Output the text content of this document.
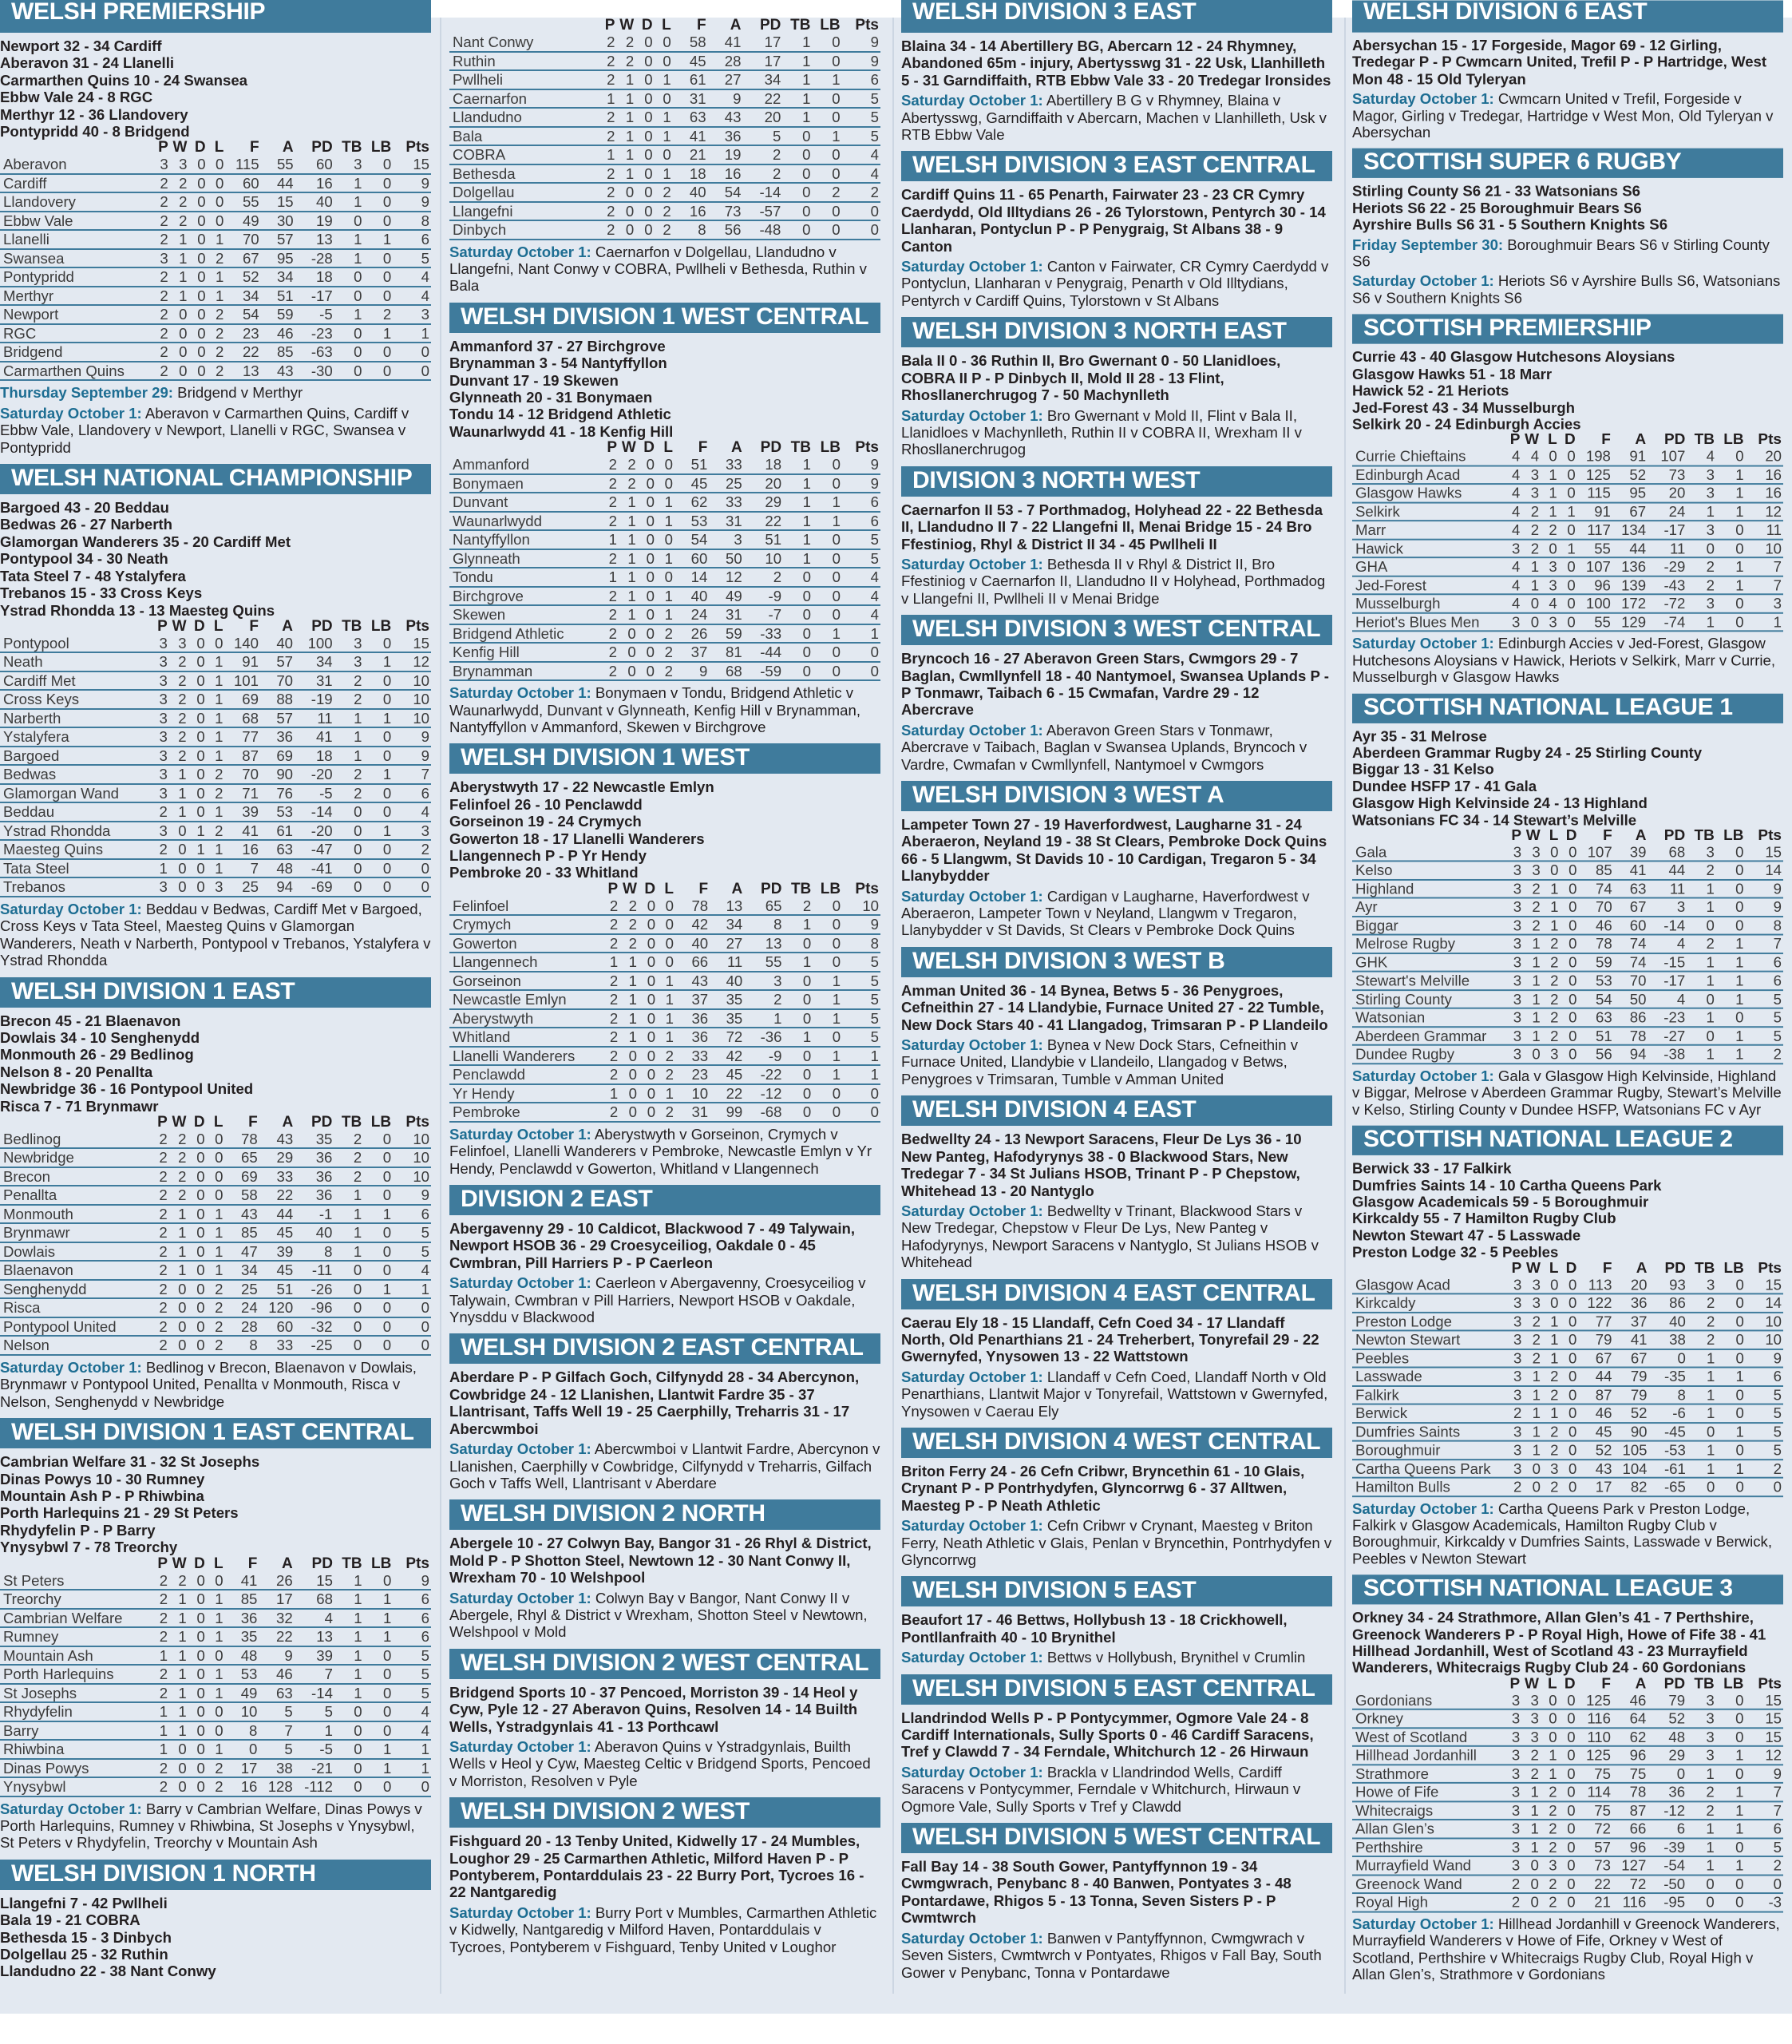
WELSH PREMIERSHIP
Newport 32 - 34 Cardiff
Aberavon 31 - 24 Llanelli
Carmarthen Quins 10 - 24 Swansea
Ebbw Vale 24 - 8 RGC
Merthyr 12 - 36 Llandovery
Pontypridd 40 - 8 Bridgend
	P	W	D	L	F	A	PD	TB	LB	Pts
Aberavon	3	3	0	0	115	55	60	3	0	15
Cardiff	2	2	0	0	60	44	16	1	0	9
Llandovery	2	2	0	0	55	15	40	1	0	9
Ebbw Vale	2	2	0	0	49	30	19	0	0	8
Llanelli	2	1	0	1	70	57	13	1	1	6
Swansea	3	1	0	2	67	95	-28	1	0	5
Pontypridd	2	1	0	1	52	34	18	0	0	4
Merthyr	2	1	0	1	34	51	-17	0	0	4
Newport	2	0	0	2	54	59	-5	1	2	3
RGC	2	0	0	2	23	46	-23	0	1	1
Bridgend	2	0	0	2	22	85	-63	0	0	0
Carmarthen Quins	2	0	0	2	13	43	-30	0	0	0
Thursday September 29: Bridgend v Merthyr
Saturday October 1: Aberavon v Carmarthen Quins, Cardiff v Ebbw Vale, Llandovery v Newport, Llanelli v RGC, Swansea v Pontypridd
WELSH NATIONAL CHAMPIONSHIP
Bargoed 43 - 20 Beddau
Bedwas 26 - 27 Narberth
Glamorgan Wanderers 35 - 20 Cardiff Met
Pontypool 34 - 30 Neath
Tata Steel 7 - 48 Ystalyfera
Trebanos 15 - 33 Cross Keys
Ystrad Rhondda 13 - 13 Maesteg Quins
	P	W	D	L	F	A	PD	TB	LB	Pts
Pontypool	3	3	0	0	140	40	100	3	0	15
Neath	3	2	0	1	91	57	34	3	1	12
Cardiff Met	3	2	0	1	101	70	31	2	0	10
Cross Keys	3	2	0	1	69	88	-19	2	0	10
Narberth	3	2	0	1	68	57	11	1	1	10
Ystalyfera	3	2	0	1	77	36	41	1	0	9
Bargoed	3	2	0	1	87	69	18	1	0	9
Bedwas	3	1	0	2	70	90	-20	2	1	7
Glamorgan Wand	3	1	0	2	71	76	-5	2	0	6
Beddau	2	1	0	1	39	53	-14	0	0	4
Ystrad Rhondda	3	0	1	2	41	61	-20	0	1	3
Maesteg Quins	2	0	1	1	16	63	-47	0	0	2
Tata Steel	1	0	0	1	7	48	-41	0	0	0
Trebanos	3	0	0	3	25	94	-69	0	0	0
Saturday October 1: Beddau v Bedwas, Cardiff Met v Bargoed, Cross Keys v Tata Steel, Maesteg Quins v Glamorgan Wanderers, Neath v Narberth, Pontypool v Trebanos, Ystalyfera v Ystrad Rhondda
WELSH DIVISION 1 EAST
Brecon 45 - 21 Blaenavon
Dowlais 34 - 10 Senghenydd
Monmouth 26 - 29 Bedlinog
Nelson 8 - 20 Penallta
Newbridge 36 - 16 Pontypool United
Risca 7 - 71 Brynmawr
	P	W	D	L	F	A	PD	TB	LB	Pts
Bedlinog	2	2	0	0	78	43	35	2	0	10
Newbridge	2	2	0	0	65	29	36	2	0	10
Brecon	2	2	0	0	69	33	36	2	0	10
Penallta	2	2	0	0	58	22	36	1	0	9
Monmouth	2	1	0	1	43	44	-1	1	1	6
Brynmawr	2	1	0	1	85	45	40	1	0	5
Dowlais	2	1	0	1	47	39	8	1	0	5
Blaenavon	2	1	0	1	34	45	-11	0	0	4
Senghenydd	2	0	0	2	25	51	-26	0	1	1
Risca	2	0	0	2	24	120	-96	0	0	0
Pontypool United	2	0	0	2	28	60	-32	0	0	0
Nelson	2	0	0	2	8	33	-25	0	0	0
Saturday October 1: Bedlinog v Brecon, Blaenavon v Dowlais, Brynmawr v Pontypool United, Penallta v Monmouth, Risca v Nelson, Senghenydd v Newbridge
WELSH DIVISION 1 EAST CENTRAL
Cambrian Welfare 31 - 32 St Josephs
Dinas Powys 10 - 30 Rumney
Mountain Ash P - P Rhiwbina
Porth Harlequins 21 - 29 St Peters
Rhydyfelin P - P Barry
Ynysybwl 7 - 78 Treorchy
	P	W	D	L	F	A	PD	TB	LB	Pts
St Peters	2	2	0	0	41	26	15	1	0	9
Treorchy	2	1	0	1	85	17	68	1	1	6
Cambrian Welfare	2	1	0	1	36	32	4	1	1	6
Rumney	2	1	0	1	35	22	13	1	1	6
Mountain Ash	1	1	0	0	48	9	39	1	0	5
Porth Harlequins	2	1	0	1	53	46	7	1	0	5
St Josephs	2	1	0	1	49	63	-14	1	0	5
Rhydyfelin	1	1	0	0	10	5	5	0	0	4
Barry	1	1	0	0	8	7	1	0	0	4
Rhiwbina	1	0	0	1	0	5	-5	0	1	1
Dinas Powys	2	0	0	2	17	38	-21	0	1	1
Ynysybwl	2	0	0	2	16	128	-112	0	0	0
Saturday October 1: Barry v Cambrian Welfare, Dinas Powys v Porth Harlequins, Rumney v Rhiwbina, St Josephs v Ynysybwl, St Peters v Rhydyfelin, Treorchy v Mountain Ash
WELSH DIVISION 1 NORTH
Llangefni 7 - 42 Pwllheli
Bala 19 - 21 COBRA
Bethesda 15 - 3 Dinbych
Dolgellau 25 - 32 Ruthin
Llandudno 22 - 38 Nant Conwy
	P	W	D	L	F	A	PD	TB	LB	Pts
Nant Conwy	2	2	0	0	58	41	17	1	0	9
Ruthin	2	2	0	0	45	28	17	1	0	9
Pwllheli	2	1	0	1	61	27	34	1	1	6
Caernarfon	1	1	0	0	31	9	22	1	0	5
Llandudno	2	1	0	1	63	43	20	1	0	5
Bala	2	1	0	1	41	36	5	0	1	5
COBRA	1	1	0	0	21	19	2	0	0	4
Bethesda	2	1	0	1	18	16	2	0	0	4
Dolgellau	2	0	0	2	40	54	-14	0	2	2
Llangefni	2	0	0	2	16	73	-57	0	0	0
Dinbych	2	0	0	2	8	56	-48	0	0	0
Saturday October 1: Caernarfon v Dolgellau, Llandudno v Llangefni, Nant Conwy v COBRA, Pwllheli v Bethesda, Ruthin v Bala
WELSH DIVISION 1 WEST CENTRAL
Ammanford 37 - 27 Birchgrove
Brynamman 3 - 54 Nantyffyllon
Dunvant 17 - 19 Skewen
Glynneath 20 - 31 Bonymaen
Tondu 14 - 12 Bridgend Athletic
Waunarlwydd 41 - 18 Kenfig Hill
	P	W	D	L	F	A	PD	TB	LB	Pts
Ammanford	2	2	0	0	51	33	18	1	0	9
Bonymaen	2	2	0	0	45	25	20	1	0	9
Dunvant	2	1	0	1	62	33	29	1	1	6
Waunarlwydd	2	1	0	1	53	31	22	1	1	6
Nantyffyllon	1	1	0	0	54	3	51	1	0	5
Glynneath	2	1	0	1	60	50	10	1	0	5
Tondu	1	1	0	0	14	12	2	0	0	4
Birchgrove	2	1	0	1	40	49	-9	0	0	4
Skewen	2	1	0	1	24	31	-7	0	0	4
Bridgend Athletic	2	0	0	2	26	59	-33	0	1	1
Kenfig Hill	2	0	0	2	37	81	-44	0	0	0
Brynamman	2	0	0	2	9	68	-59	0	0	0
Saturday October 1: Bonymaen v Tondu, Bridgend Athletic v Waunarlwydd, Dunvant v Glynneath, Kenfig Hill v Brynamman, Nantyffyllon v Ammanford, Skewen v Birchgrove
WELSH DIVISION 1 WEST
Aberystwyth 17 - 22 Newcastle Emlyn
Felinfoel 26 - 10 Penclawdd
Gorseinon 19 - 24 Crymych
Gowerton 18 - 17 Llanelli Wanderers
Llangennech P - P Yr Hendy
Pembroke 20 - 33 Whitland
	P	W	D	L	F	A	PD	TB	LB	Pts
Felinfoel	2	2	0	0	78	13	65	2	0	10
Crymych	2	2	0	0	42	34	8	1	0	9
Gowerton	2	2	0	0	40	27	13	0	0	8
Llangennech	1	1	0	0	66	11	55	1	0	5
Gorseinon	2	1	0	1	43	40	3	0	1	5
Newcastle Emlyn	2	1	0	1	37	35	2	0	1	5
Aberystwyth	2	1	0	1	36	35	1	0	1	5
Whitland	2	1	0	1	36	72	-36	1	0	5
Llanelli Wanderers	2	0	0	2	33	42	-9	0	1	1
Penclawdd	2	0	0	2	23	45	-22	0	1	1
Yr Hendy	1	0	0	1	10	22	-12	0	0	0
Pembroke	2	0	0	2	31	99	-68	0	0	0
Saturday October 1: Aberystwyth v Gorseinon, Crymych v Felinfoel, Llanelli Wanderers v Pembroke, Newcastle Emlyn v Yr Hendy, Penclawdd v Gowerton, Whitland v Llangennech
DIVISION 2 EAST
Abergavenny 29 - 10 Caldicot, Blackwood 7 - 49 Talywain, Newport HSOB 36 - 29 Croesyceiliog, Oakdale 0 - 45 Cwmbran, Pill Harriers P - P Caerleon
Saturday October 1: Caerleon v Abergavenny, Croesyceiliog v Talywain, Cwmbran v Pill Harriers, Newport HSOB v Oakdale, Ynysddu v Blackwood
WELSH DIVISION 2 EAST CENTRAL
Aberdare P - P Gilfach Goch, Cilfynydd 28 - 34 Abercynon, Cowbridge 24 - 12 Llanishen, Llantwit Fardre 35 - 37 Llantrisant, Taffs Well 19 - 25 Caerphilly, Treharris 31 - 17 Abercwmboi
Saturday October 1: Abercwmboi v Llantwit Fardre, Abercynon v Llanishen, Caerphilly v Cowbridge, Cilfynydd v Treharris, Gilfach Goch v Taffs Well, Llantrisant v Aberdare
WELSH DIVISION 2 NORTH
Abergele 10 - 27 Colwyn Bay, Bangor 31 - 26 Rhyl & District, Mold P - P Shotton Steel, Newtown 12 - 30 Nant Conwy II, Wrexham 70 - 10 Welshpool
Saturday October 1: Colwyn Bay v Bangor, Nant Conwy II v Abergele, Rhyl & District v Wrexham, Shotton Steel v Newtown, Welshpool v Mold
WELSH DIVISION 2 WEST CENTRAL
Bridgend Sports 10 - 37 Pencoed, Morriston 39 - 14 Heol y Cyw, Pyle 12 - 27 Aberavon Quins, Resolven 14 - 14 Builth Wells, Ystradgynlais 41 - 13 Porthcawl
Saturday October 1: Aberavon Quins v Ystradgynlais, Builth Wells v Heol y Cyw, Maesteg Celtic v Bridgend Sports, Pencoed v Morriston, Resolven v Pyle
WELSH DIVISION 2 WEST
Fishguard 20 - 13 Tenby United, Kidwelly 17 - 24 Mumbles, Loughor 29 - 25 Carmarthen Athletic, Milford Haven P - P Pontyberem, Pontarddulais 23 - 22 Burry Port, Tycroes 16 - 22 Nantgaredig
Saturday October 1: Burry Port v Mumbles, Carmarthen Athletic v Kidwelly, Nantgaredig v Milford Haven, Pontarddulais v Tycroes, Pontyberem v Fishguard, Tenby United v Loughor
WELSH DIVISION 3 EAST
Blaina 34 - 14 Abertillery BG, Abercarn 12 - 24 Rhymney, Abandoned 65m - injury, Abertysswg 31 - 22 Usk, Llanhilleth 5 - 31 Garndiffaith, RTB Ebbw Vale 33 - 20 Tredegar Ironsides
Saturday October 1: Abertillery B G v Rhymney, Blaina v Abertysswg, Garndiffaith v Abercarn, Machen v Llanhilleth, Usk v RTB Ebbw Vale
WELSH DIVISION 3 EAST CENTRAL
Cardiff Quins 11 - 65 Penarth, Fairwater 23 - 23 CR Cymry Caerdydd, Old Illtydians 26 - 26 Tylorstown, Pentyrch 30 - 14 Llanharan, Pontyclun P - P Penygraig, St Albans 38 - 9 Canton
Saturday October 1: Canton v Fairwater, CR Cymry Caerdydd v Pontyclun, Llanharan v Penygraig, Penarth v Old Illtydians, Pentyrch v Cardiff Quins, Tylorstown v St Albans
WELSH DIVISION 3 NORTH EAST
Bala II 0 - 36 Ruthin II, Bro Gwernant 0 - 50 Llanidloes, COBRA II P - P Dinbych II, Mold II 28 - 13 Flint, Rhosllanerchrugog 7 - 50 Machynlleth
Saturday October 1: Bro Gwernant v Mold II, Flint v Bala II, Llanidloes v Machynlleth, Ruthin II v COBRA II, Wrexham II v Rhosllanerchrugog
DIVISION 3 NORTH WEST
Caernarfon II 53 - 7 Porthmadog, Holyhead 22 - 22 Bethesda II, Llandudno II 7 - 22 Llangefni II, Menai Bridge 15 - 24 Bro Ffestiniog, Rhyl & District II 34 - 45 Pwllheli II
Saturday October 1: Bethesda II v Rhyl & District II, Bro Ffestiniog v Caernarfon II, Llandudno II v Holyhead, Porthmadog v Llangefni II, Pwllheli II v Menai Bridge
WELSH DIVISION 3 WEST CENTRAL
Bryncoch 16 - 27 Aberavon Green Stars, Cwmgors 29 - 7 Baglan, Cwmllynfell 18 - 40 Nantymoel, Swansea Uplands P - P Tonmawr, Taibach 6 - 15 Cwmafan, Vardre 29 - 12 Abercrave
Saturday October 1: Aberavon Green Stars v Tonmawr, Abercrave v Taibach, Baglan v Swansea Uplands, Bryncoch v Vardre, Cwmafan v Cwmllynfell, Nantymoel v Cwmgors
WELSH DIVISION 3 WEST A
Lampeter Town 27 - 19 Haverfordwest, Laugharne 31 - 24 Aberaeron, Neyland 19 - 38 St Clears, Pembroke Dock Quins 66 - 5 Llangwm, St Davids 10 - 10 Cardigan, Tregaron 5 - 34 Llanybydder
Saturday October 1: Cardigan v Laugharne, Haverfordwest v Aberaeron, Lampeter Town v Neyland, Llangwm v Tregaron, Llanybydder v St Davids, St Clears v Pembroke Dock Quins
WELSH DIVISION 3 WEST B
Amman United 36 - 14 Bynea, Betws 5 - 36 Penygroes, Cefneithin 27 - 14 Llandybie, Furnace United 27 - 22 Tumble, New Dock Stars 40 - 41 Llangadog, Trimsaran P - P Llandeilo
Saturday October 1: Bynea v New Dock Stars, Cefneithin v Furnace United, Llandybie v Llandeilo, Llangadog v Betws, Penygroes v Trimsaran, Tumble v Amman United
WELSH DIVISION 4 EAST
Bedwellty 24 - 13 Newport Saracens, Fleur De Lys 36 - 10 New Panteg, Hafodyrynys 38 - 0 Blackwood Stars, New Tredegar 7 - 34 St Julians HSOB, Trinant P - P Chepstow, Whitehead 13 - 20 Nantyglo
Saturday October 1: Bedwellty v Trinant, Blackwood Stars v New Tredegar, Chepstow v Fleur De Lys, New Panteg v Hafodyrynys, Newport Saracens v Nantyglo, St Julians HSOB v Whitehead
WELSH DIVISION 4 EAST CENTRAL
Caerau Ely 18 - 15 Llandaff, Cefn Coed 34 - 17 Llandaff North, Old Penarthians 21 - 24 Treherbert, Tonyrefail 29 - 22 Gwernyfed, Ynysowen 13 - 22 Wattstown
Saturday October 1: Llandaff v Cefn Coed, Llandaff North v Old Penarthians, Llantwit Major v Tonyrefail, Wattstown v Gwernyfed, Ynysowen v Caerau Ely
WELSH DIVISION 4 WEST CENTRAL
Briton Ferry 24 - 26 Cefn Cribwr, Bryncethin 61 - 10 Glais, Crynant P - P Pontrhydyfen, Glyncorrwg 6 - 37 Alltwen, Maesteg P - P Neath Athletic
Saturday October 1: Cefn Cribwr v Crynant, Maesteg v Briton Ferry, Neath Athletic v Glais, Penlan v Bryncethin, Pontrhydyfen v Glyncorrwg
WELSH DIVISION 5 EAST
Beaufort 17 - 46 Bettws, Hollybush 13 - 18 Crickhowell, Pontllanfraith 40 - 10 Brynithel
Saturday October 1: Bettws v Hollybush, Brynithel v Crumlin
WELSH DIVISION 5 EAST CENTRAL
Llandrindod Wells P - P Pontycymmer, Ogmore Vale 24 - 8 Cardiff Internationals, Sully Sports 0 - 46 Cardiff Saracens, Tref y Clawdd 7 - 34 Ferndale, Whitchurch 12 - 26 Hirwaun
Saturday October 1: Brackla v Llandrindod Wells, Cardiff Saracens v Pontycymmer, Ferndale v Whitchurch, Hirwaun v Ogmore Vale, Sully Sports v Tref y Clawdd
WELSH DIVISION 5 WEST CENTRAL
Fall Bay 14 - 38 South Gower, Pantyffynnon 19 - 34 Cwmgwrach, Penybanc 8 - 40 Banwen, Pontyates 3 - 48 Pontardawe, Rhigos 5 - 13 Tonna, Seven Sisters P - P Cwmtwrch
Saturday October 1: Banwen v Pantyffynnon, Cwmgwrach v Seven Sisters, Cwmtwrch v Pontyates, Rhigos v Fall Bay, South Gower v Penybanc, Tonna v Pontardawe
WELSH DIVISION 6 EAST
Abersychan 15 - 17 Forgeside, Magor 69 - 12 Girling, Tredegar P - P Cwmcarn United, Trefil P - P Hartridge, West Mon 48 - 15 Old Tyleryan
Saturday October 1: Cwmcarn United v Trefil, Forgeside v Magor, Girling v Tredegar, Hartridge v West Mon, Old Tyleryan v Abersychan
SCOTTISH SUPER 6 RUGBY
Stirling County S6 21 - 33 Watsonians S6
Heriots S6 22 - 25 Boroughmuir Bears S6
Ayrshire Bulls S6 31 - 5 Southern Knights S6
Friday September 30: Boroughmuir Bears S6 v Stirling County S6
Saturday October 1: Heriots S6 v Ayrshire Bulls S6, Watsonians S6 v Southern Knights S6
SCOTTISH PREMIERSHIP
Currie 43 - 40 Glasgow Hutchesons Aloysians
Glasgow Hawks 51 - 18 Marr
Hawick 52 - 21 Heriots
Jed-Forest 43 - 34 Musselburgh
Selkirk 20 - 24 Edinburgh Accies
	P	W	L	D	F	A	PD	TB	LB	Pts
Currie Chieftains	4	4	0	0	198	91	107	4	0	20
Edinburgh Acad	4	3	1	0	125	52	73	3	1	16
Glasgow Hawks	4	3	1	0	115	95	20	3	1	16
Selkirk	4	2	1	1	91	67	24	1	1	12
Marr	4	2	2	0	117	134	-17	3	0	11
Hawick	3	2	0	1	55	44	11	0	0	10
GHA	4	1	3	0	107	136	-29	2	1	7
Jed-Forest	4	1	3	0	96	139	-43	2	1	7
Musselburgh	4	0	4	0	100	172	-72	3	0	3
Heriot's Blues Men	3	0	3	0	55	129	-74	1	0	1
Saturday October 1: Edinburgh Accies v Jed-Forest, Glasgow Hutchesons Aloysians v Hawick, Heriots v Selkirk, Marr v Currie, Musselburgh v Glasgow Hawks
SCOTTISH NATIONAL LEAGUE 1
Ayr 35 - 31 Melrose
Aberdeen Grammar Rugby 24 - 25 Stirling County
Biggar 13 - 31 Kelso
Dundee HSFP 17 - 41 Gala
Glasgow High Kelvinside 24 - 13 Highland
Watsonians FC 34 - 14 Stewart’s Melville
	P	W	L	D	F	A	PD	TB	LB	Pts
Gala	3	3	0	0	107	39	68	3	0	15
Kelso	3	3	0	0	85	41	44	2	0	14
Highland	3	2	1	0	74	63	11	1	0	9
Ayr	3	2	1	0	70	67	3	1	0	9
Biggar	3	2	1	0	46	60	-14	0	0	8
Melrose Rugby	3	1	2	0	78	74	4	2	1	7
GHK	3	1	2	0	59	74	-15	1	1	6
Stewart's Melville	3	1	2	0	53	70	-17	1	1	6
Stirling County	3	1	2	0	54	50	4	0	1	5
Watsonian	3	1	2	0	63	86	-23	1	0	5
Aberdeen Grammar	3	1	2	0	51	78	-27	0	1	5
Dundee Rugby	3	0	3	0	56	94	-38	1	1	2
Saturday October 1: Gala v Glasgow High Kelvinside, Highland v Biggar, Melrose v Aberdeen Grammar Rugby, Stewart’s Melville v Kelso, Stirling County v Dundee HSFP, Watsonians FC v Ayr
SCOTTISH NATIONAL LEAGUE 2
Berwick 33 - 17 Falkirk
Dumfries Saints 14 - 10 Cartha Queens Park
Glasgow Academicals 59 - 5 Boroughmuir
Kirkcaldy 55 - 7 Hamilton Rugby Club
Newton Stewart 47 - 5 Lasswade
Preston Lodge 32 - 5 Peebles
	P	W	L	D	F	A	PD	TB	LB	Pts
Glasgow Acad	3	3	0	0	113	20	93	3	0	15
Kirkcaldy	3	3	0	0	122	36	86	2	0	14
Preston Lodge	3	2	1	0	77	37	40	2	0	10
Newton Stewart	3	2	1	0	79	41	38	2	0	10
Peebles	3	2	1	0	67	67	0	1	0	9
Lasswade	3	1	2	0	44	79	-35	1	1	6
Falkirk	3	1	2	0	87	79	8	1	0	5
Berwick	2	1	1	0	46	52	-6	1	0	5
Dumfries Saints	3	1	2	0	45	90	-45	0	1	5
Boroughmuir	3	1	2	0	52	105	-53	1	0	5
Cartha Queens Park	3	0	3	0	43	104	-61	1	1	2
Hamilton Bulls	2	0	2	0	17	82	-65	0	0	0
Saturday October 1: Cartha Queens Park v Preston Lodge, Falkirk v Glasgow Academicals, Hamilton Rugby Club v Boroughmuir, Kirkcaldy v Dumfries Saints, Lasswade v Berwick, Peebles v Newton Stewart
SCOTTISH NATIONAL LEAGUE 3
Orkney 34 - 24 Strathmore, Allan Glen’s 41 - 7 Perthshire, Greenock Wanderers P - P Royal High, Howe of Fife 38 - 41 Hillhead Jordanhill, West of Scotland 43 - 23 Murrayfield Wanderers, Whitecraigs Rugby Club 24 - 60 Gordonians
	P	W	L	D	F	A	PD	TB	LB	Pts
Gordonians	3	3	0	0	125	46	79	3	0	15
Orkney	3	3	0	0	116	64	52	3	0	15
West of Scotland	3	3	0	0	110	62	48	3	0	15
Hillhead Jordanhill	3	2	1	0	125	96	29	3	1	12
Strathmore	3	2	1	0	75	75	0	1	0	9
Howe of Fife	3	1	2	0	114	78	36	2	1	7
Whitecraigs	3	1	2	0	75	87	-12	2	1	7
Allan Glen’s	3	1	2	0	72	66	6	1	1	6
Perthshire	3	1	2	0	57	96	-39	1	0	5
Murrayfield Wand	3	0	3	0	73	127	-54	1	1	2
Greenock Wand	2	0	2	0	22	72	-50	0	0	0
Royal High	2	0	2	0	21	116	-95	0	0	-3
Saturday October 1: Hillhead Jordanhill v Greenock Wanderers, Murrayfield Wanderers v Howe of Fife, Orkney v West of Scotland, Perthshire v Whitecraigs Rugby Club, Royal High v Allan Glen’s, Strathmore v Gordonians
